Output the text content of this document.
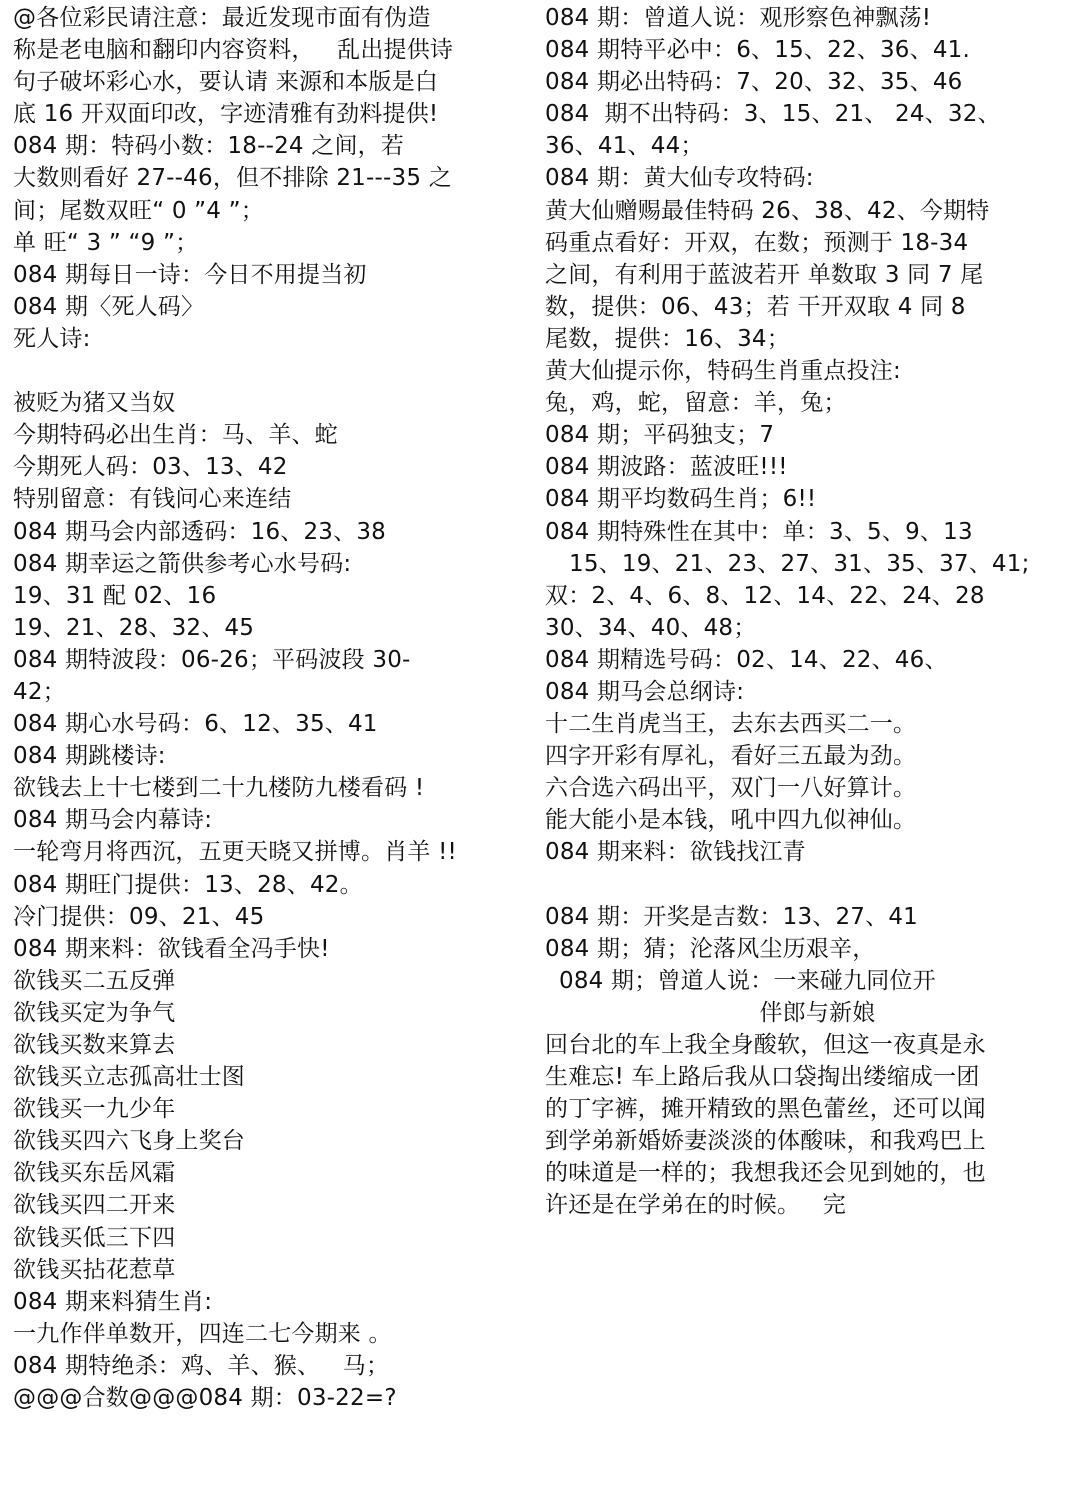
@各位彩民请注意：最近发现市面有伪造
称是老电脑和翻印内容资料，   乱出提供诗
句子破坏彩心水，要认请 来源和本版是白
底 16 开双面印改，字迹清雅有劲料提供!
084 期：特码小数：18--24 之间，若
大数则看好 27--46，但不排除 21---35 之
间；尾数双旺“ 0 ”4 ”；
单 旺“ 3 ” “9 ”；
084 期每日一诗：今日不用提当初
084 期〈死人码〉
死人诗:
被贬为猪又当奴
今期特码必出生肖：马、羊、蛇
今期死人码：03、13、42
特别留意：有钱问心来连结
084 期马会内部透码：16、23、38
084 期幸运之箭供参考心水号码:
19、31 配 02、16
19、21、28、32、45
084 期特波段：06-26；平码波段 30-
42；
084 期心水号码：6、12、35、41
084 期跳楼诗:
欲钱去上十七楼到二十九楼防九楼看码 !
084 期马会内幕诗:
一轮弯月将西沉，五更天晓又拼博。肖羊 !!
084 期旺门提供：13、28、42。
冷门提供：09、21、45
084 期来料：欲钱看全冯手快!
欲钱买二五反弹
欲钱买定为争气
欲钱买数来算去
欲钱买立志孤高壮士图
欲钱买一九少年
欲钱买四六飞身上奖台
欲钱买东岳风霜
欲钱买四二开来
欲钱买低三下四
欲钱买拈花惹草
084 期来料猜生肖:
一九作伴单数开，四连二七今期来 。
084 期特绝杀：鸡、羊、猴、   马；
@@@合数@@@084 期：03-22=?
084 期：曾道人说：观形察色神飘荡!
084 期特平必中：6、15、22、36、41.
084 期必出特码：7、20、32、35、46
084  期不出特码：3、15、21、 24、32、
36、41、44；
084 期：黄大仙专攻特码:
黄大仙赠赐最佳特码 26、38、42、今期特
码重点看好：开双，在数；预测于 18-34
之间，有利用于蓝波若开 单数取 3 同 7 尾
数，提供：06、43；若 干开双取 4 同 8
尾数，提供：16、34；
黄大仙提示你，特码生肖重点投注:
兔，鸡，蛇，留意：羊，兔；
084 期；平码独支；7
084 期波路：蓝波旺!!!
084 期平均数码生肖；6!!
084 期特殊性在其中：单：3、5、9、13
15、19、21、23、27、31、35、37、41;
双：2、4、6、8、12、14、22、24、28
30、34、40、48；
084 期精选号码：02、14、22、46、
084 期马会总纲诗:
十二生肖虎当王，去东去西买二一。
四字开彩有厚礼，看好三五最为劲。
六合选六码出平，双门一八好算计。
能大能小是本钱，吼中四九似神仙。
084 期来料：欲钱找江青
084 期：开奖是吉数：13、27、41
084 期；猜；沦落风尘历艰辛，
084 期；曾道人说：一来碰九同位开
伴郎与新娘
回台北的车上我全身酸软，但这一夜真是永
生难忘! 车上路后我从口袋掏出缕缩成一团
的丁字裤，摊开精致的黑色蕾丝，还可以闻
到学弟新婚娇妻淡淡的体酸味，和我鸡巴上
的味道是一样的；我想我还会见到她的，也
许还是在学弟在的时候。   完
